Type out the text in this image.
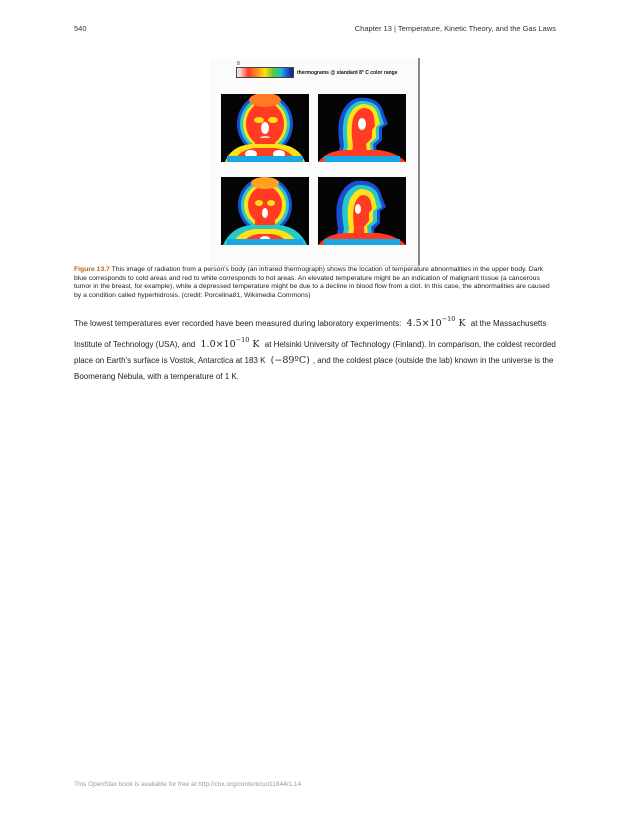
540	Chapter 13 | Temperature, Kinetic Theory, and the Gas Laws
8
thermograms @ standard 8° C color range
Figure 13.7 This image of radiation from a person's body (an infrared thermograph) shows the location of temperature abnormalities in the upper body. Dark blue corresponds to cold areas and red to white corresponds to hot areas. An elevated temperature might be an indication of malignant tissue (a cancerous tumor in the breast, for example), while a depressed temperature might be due to a decline in blood flow from a clot. In this case, the abnormalities are caused by a condition called hyperhidrosis. (credit: Porcelina81, Wikimedia Commons)
The lowest temperatures ever recorded have been measured during laboratory experiments: $4.5\times 10^{-10}$ K at the Massachusetts Institute of Technology (USA), and $1.0\times 10^{-10}$ K at Helsinki University of Technology (Finland). In comparison, the coldest recorded place on Earth's surface is Vostok, Antarctica at 183 K (−89ºC) , and the coldest place (outside the lab) known in the universe is the Boomerang Nebula, with a temperature of 1 K.
This OpenStax book is available for free at http://cnx.org/content/col11844/1.14
